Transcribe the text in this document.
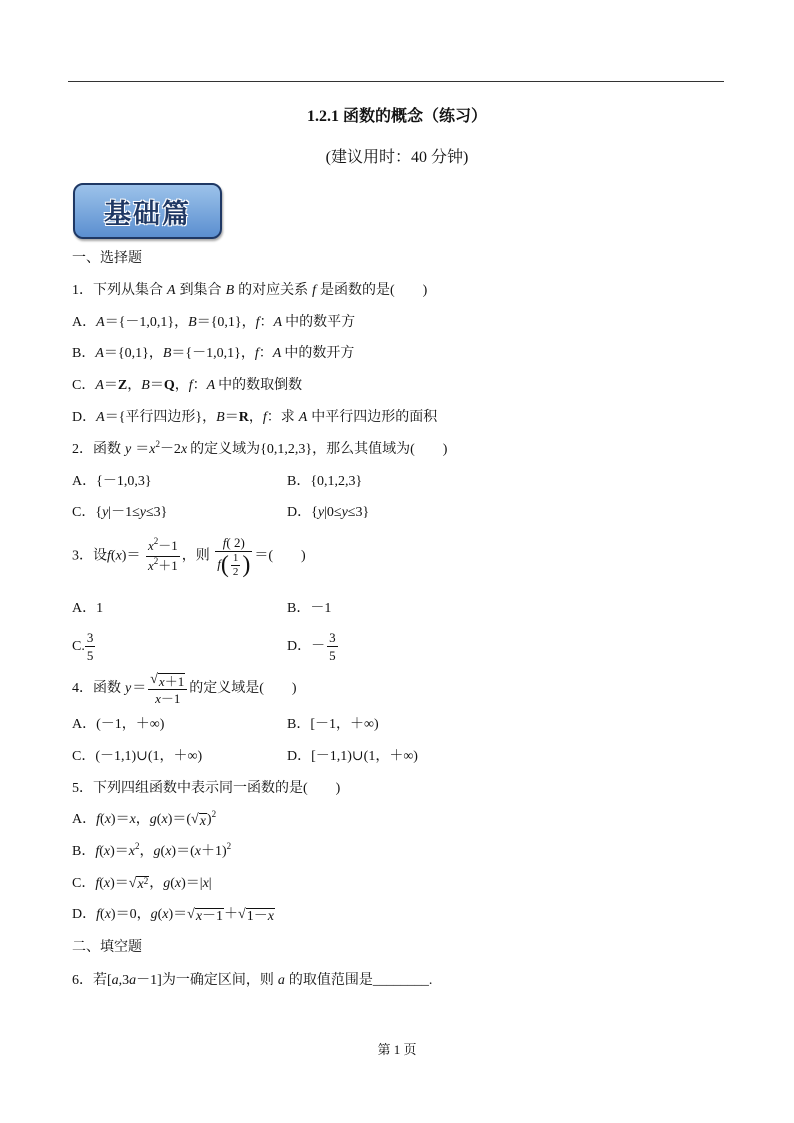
1.2.1 函数的概念（练习）
(建议用时：40 分钟)
基础篇
一、选择题
1．下列从集合 A 到集合 B 的对应关系 f 是函数的是(　　)
A．A＝{－1,0,1}，B＝{0,1}，f：A 中的数平方
B．A＝{0,1}，B＝{－1,0,1}，f：A 中的数开方
C．A＝Z，B＝Q，f：A 中的数取倒数
D．A＝{平行四边形}，B＝R，f：求 A 中平行四边形的面积
2．函数 $y =x^2-2x$ 的定义域为{0,1,2,3}，那么其值域为(　　)
A．{－1,0,3}	B．{0,1,2,3}
C．{y|－1≤y≤3}	D．{y|0≤y≤3}
3．设$f(x)= \frac{x^2-1}{x^2+1}$ ，则 $\frac{f( 2)}{f( \frac{1}{2} )}$ ＝(　　)
A．1	B．－1
C. $\frac{3}{5}$	D．－ $\frac{3}{5}$
4．函数 y＝ √ $\frac{x+1}{x-1}$ 的定义域是(　　)
A．(－1，＋∞)	B．[－1，＋∞)
C．(－1,1)∪(1，＋∞)	D．[－1,1)∪(1，＋∞)
5．下列四组函数中表示同一函数的是(　　)
A．f(x)＝x，g(x)＝( √ x )$^2$
B．$f(x)=x^2$，$g(x)=(x+1)^2$
C．f(x)＝ √ $x^2$ ，g(x)＝|x|
D．f(x)＝0，g(x)＝ √ x－1 ＋ √ 1－x
二、填空题
6．若[a,3a－1]为一确定区间，则 a 的取值范围是________.
第 1 页
